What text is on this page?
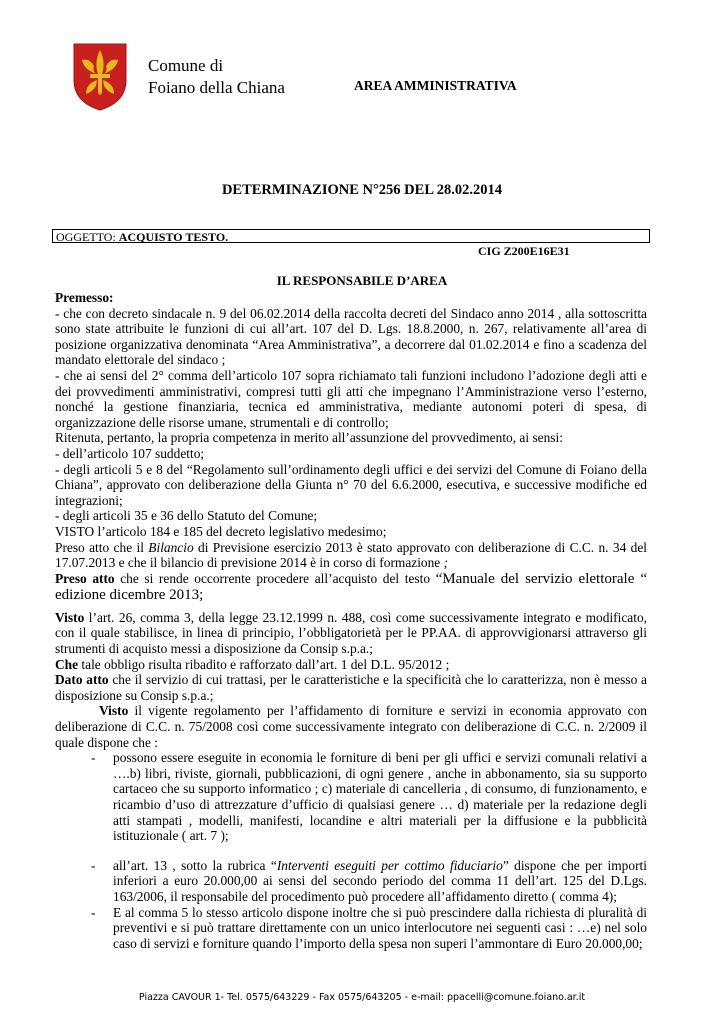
Comune di
Foiano della Chiana	AREA AMMINISTRATIVA
DETERMINAZIONE N°256 DEL 28.02.2014
OGGETTO: ACQUISTO TESTO.
CIG Z200E16E31
IL RESPONSABILE D’AREA

Premesso:

- che con decreto sindacale n. 9 del 06.02.2014 della raccolta decreti del Sindaco anno 2014 , alla sottoscritta sono state attribuite le funzioni di cui all’art. 107 del D. Lgs. 18.8.2000, n. 267, relativamente all’area di posizione organizzativa denominata “Area Amministrativa”, a decorrere dal 01.02.2014 e fino a scadenza del mandato elettorale del sindaco ;

- che ai sensi del 2° comma dell’articolo 107 sopra richiamato tali funzioni includono l’adozione degli atti e dei provvedimenti amministrativi, compresi tutti gli atti che impegnano l’Amministrazione verso l’esterno, nonché la gestione finanziaria, tecnica ed amministrativa, mediante autonomi poteri di spesa, di organizzazione delle risorse umane, strumentali e di controllo;

Ritenuta, pertanto, la propria competenza in merito all’assunzione del provvedimento, ai sensi:

- dell’articolo 107 suddetto;

- degli articoli 5 e 8 del “Regolamento sull’ordinamento degli uffici e dei servizi del Comune di Foiano della Chiana”, approvato con deliberazione della Giunta n° 70 del 6.6.2000, esecutiva, e successive modifiche ed integrazioni;

- degli articoli 35 e 36 dello Statuto del Comune;

VISTO l’articolo 184 e 185 del decreto legislativo medesimo;

Preso atto che il Bilancio di Previsione esercizio 2013 è stato approvato con deliberazione di C.C. n. 34 del 17.07.2013 e che il bilancio di previsione 2014 è in corso di formazione ;

Preso atto che si rende occorrente procedere all’acquisto del testo “Manuale del servizio elettorale “ edizione dicembre 2013;

Visto l’art. 26, comma 3, della legge 23.12.1999 n. 488, così come successivamente integrato e modificato, con il quale stabilisce, in linea di principio, l’obbligatorietà per le PP.AA. di approvvigionarsi attraverso gli strumenti di acquisto messi a disposizione da Consip s.p.a.;

Che tale obbligo risulta ribadito e rafforzato dall’art. 1 del D.L. 95/2012 ;

Dato atto che il servizio di cui trattasi, per le caratteristiche e la specificità che lo caratterizza, non è messo a disposizione su Consip s.p.a.;

Visto il vigente regolamento per l’affidamento di forniture e servizi in economia approvato con deliberazione di C.C. n. 75/2008 così come successivamente integrato con deliberazione di C.C. n. 2/2009 il quale dispone che :

- possono essere eseguite in economia le forniture di beni per gli uffici e servizi comunali relativi a ….b) libri, riviste, giornali, pubblicazioni, di ogni genere , anche in abbonamento, sia su supporto cartaceo che su supporto informatico ; c) materiale di cancelleria , di consumo, di funzionamento, e ricambio d’uso di attrezzature d’ufficio di qualsiasi genere … d) materiale per la redazione degli atti stampati , modelli, manifesti, locandine e altri materiali per la diffusione e la pubblicità istituzionale ( art. 7 );
- all’art. 13 , sotto la rubrica “Interventi eseguiti per cottimo fiduciario” dispone che per importi inferiori a euro 20.000,00 ai sensi del secondo periodo del comma 11 dell’art. 125 del D.Lgs. 163/2006, il responsabile del procedimento può procedere all’affidamento diretto ( comma 4);
- E al comma 5 lo stesso articolo dispone inoltre che si può prescindere dalla richiesta di pluralità di preventivi e si può trattare direttamente con un unico interlocutore nei seguenti casi : …e) nel solo caso di servizi e forniture quando l’importo della spesa non superi l’ammontare di Euro 20.000,00;
Piazza CAVOUR 1- Tel. 0575/643229 - Fax 0575/643205 - e-mail: ppacelli@comune.foiano.ar.it
